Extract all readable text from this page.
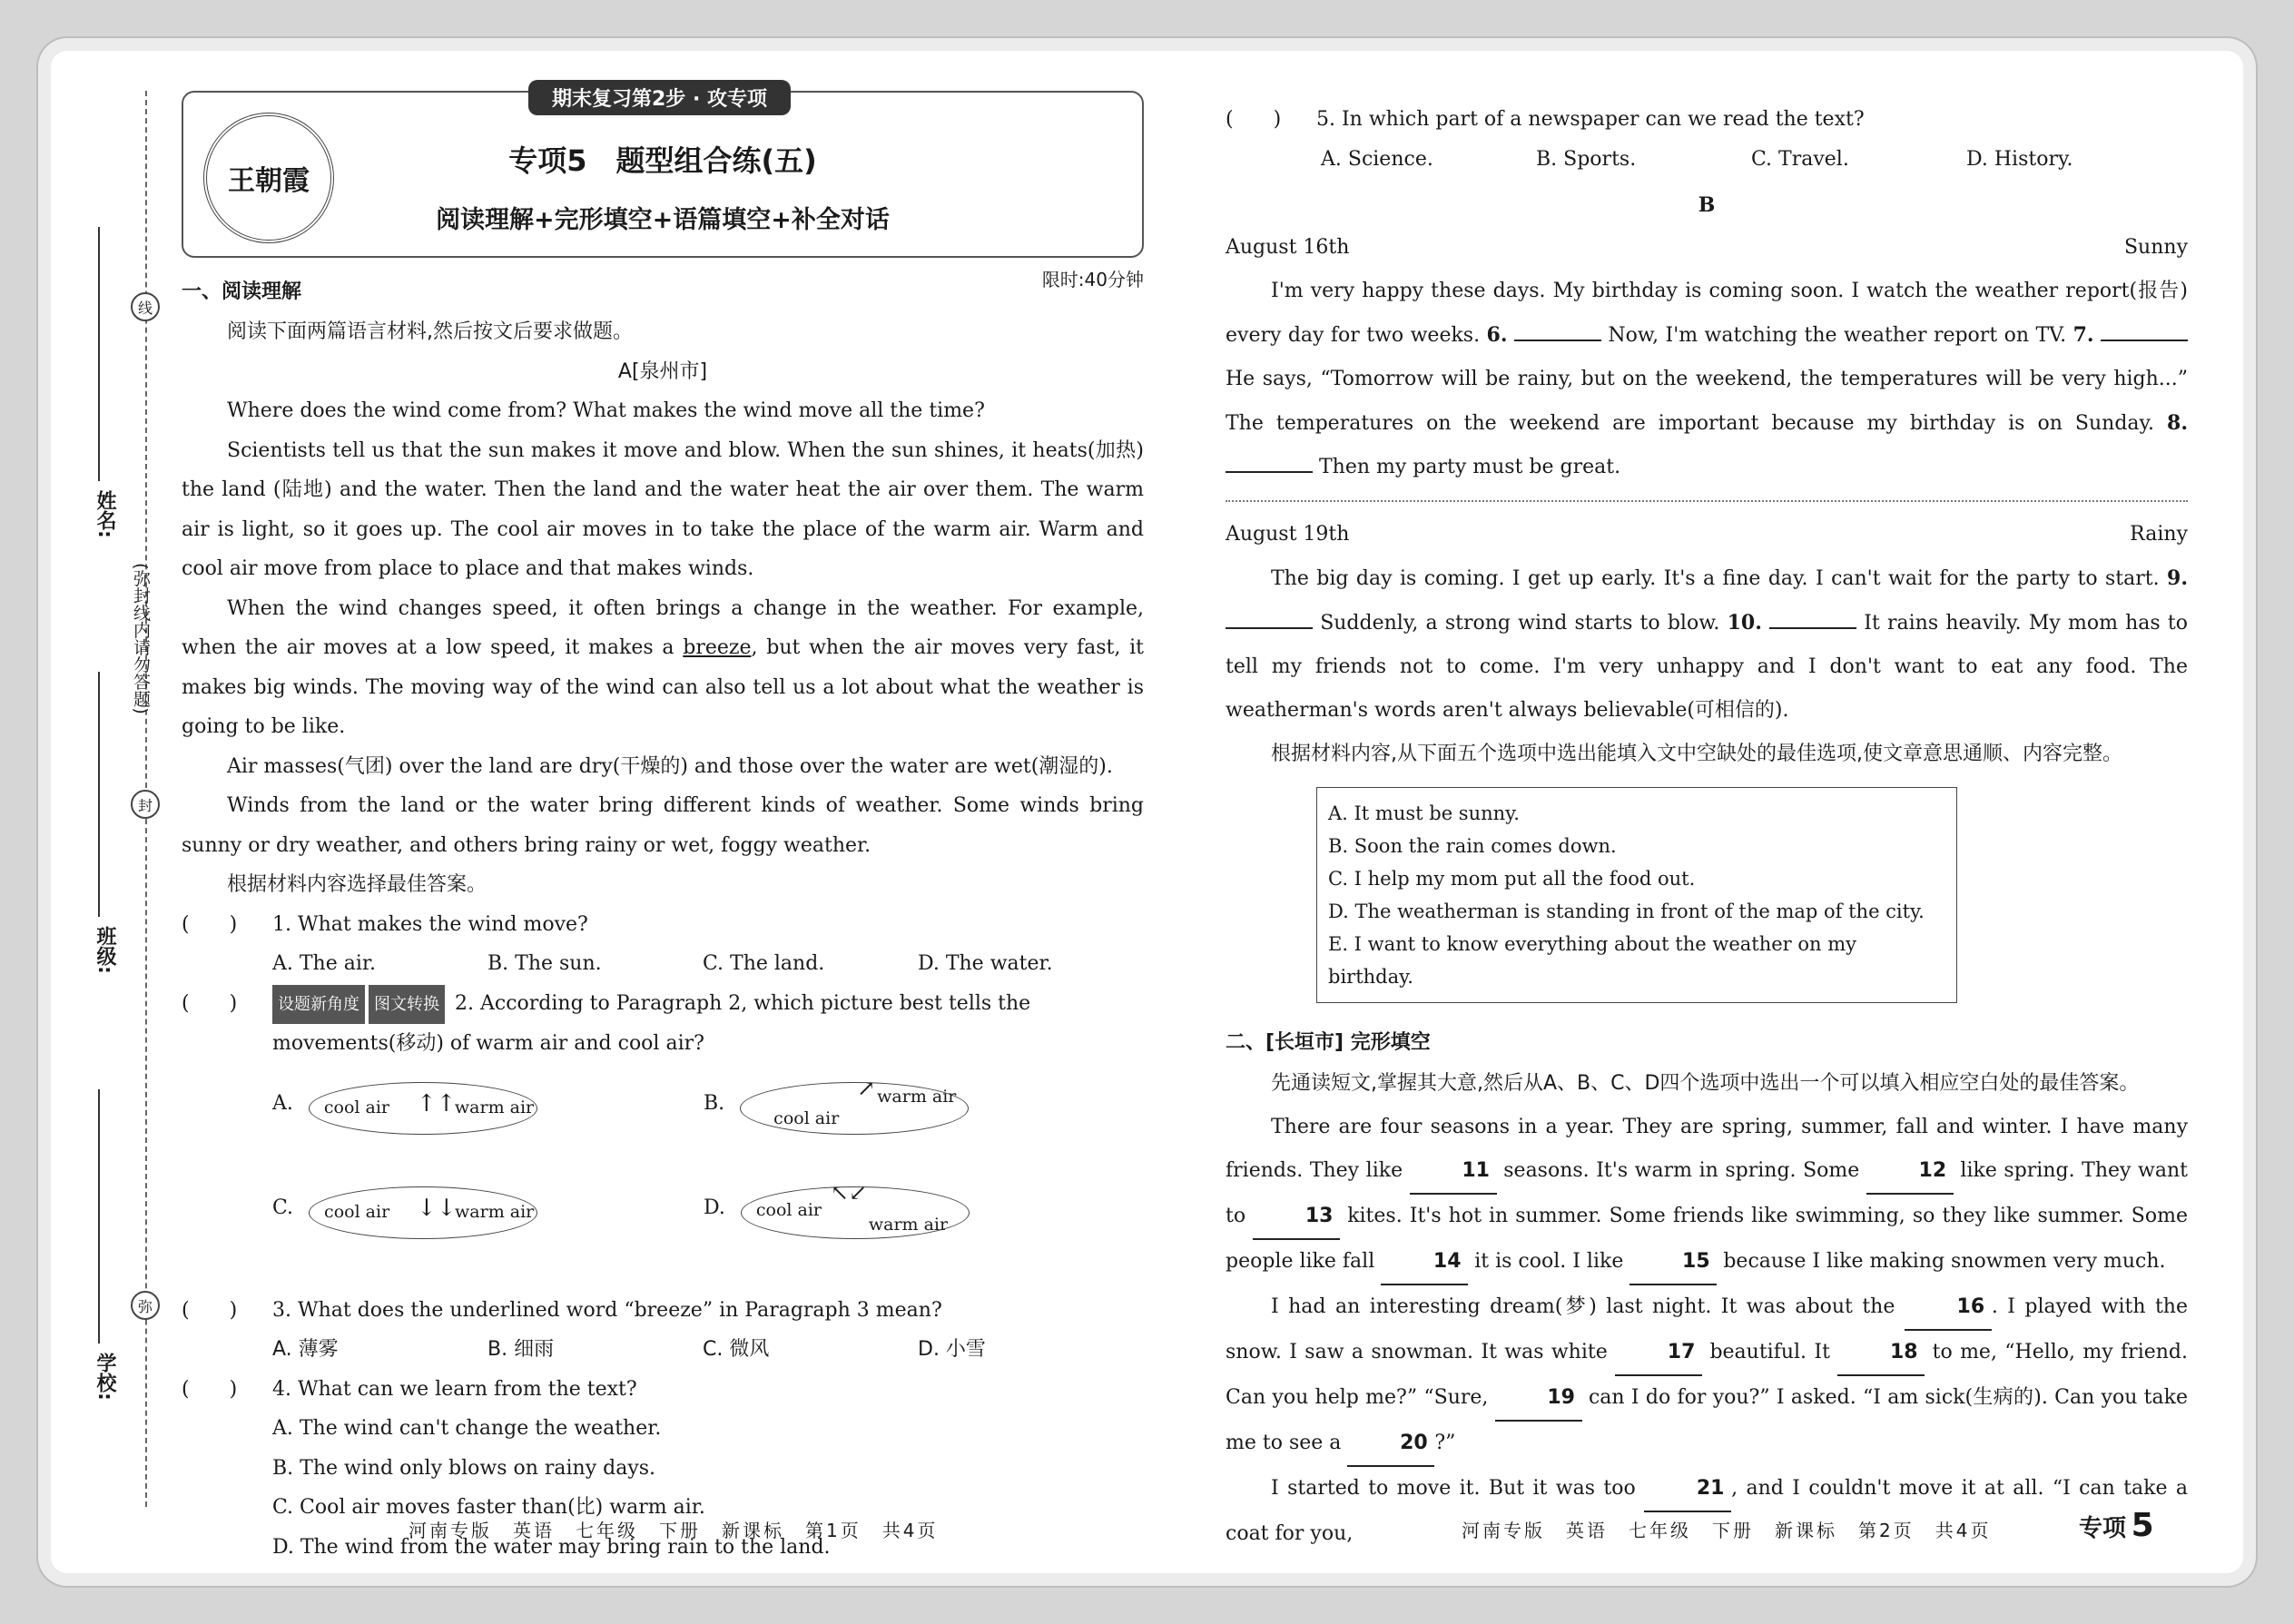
线
封
弥
(弥封线内请勿答题)
姓名:
班级:
学校:
期末复习第2步 · 攻专项
王朝霞
专项5　题型组合练(五)
阅读理解+完形填空+语篇填空+补全对话
一、阅读理解
限时:40分钟

阅读下面两篇语言材料,然后按文后要求做题。

A[泉州市]

Where does the wind come from? What makes the wind move all the time?

Scientists tell us that the sun makes it move and blow. When the sun shines, it heats(加热) the land (陆地) and the water. Then the land and the water heat the air over them. The warm air is light, so it goes up. The cool air moves in to take the place of the warm air. Warm and cool air move from place to place and that makes winds.

When the wind changes speed, it often brings a change in the weather. For example, when the air moves at a low speed, it makes a breeze, but when the air moves very fast, it makes big winds. The moving way of the wind can also tell us a lot about what the weather is going to be like.

Air masses(气团) over the land are dry(干燥的) and those over the water are wet(潮湿的).

Winds from the land or the water bring different kinds of weather. Some winds bring sunny or dry weather, and others bring rainy or wet, foggy weather.

根据材料内容选择最佳答案。

(　　) 1. What makes the wind move?
A. The air.	B. The sun.	C. The land.	D. The water.
(　　) 设题新角度 图文转换 2. According to Paragraph 2, which picture best tells the movements(移动) of warm air and cool air?
A. cool air ↑↑
warm air	B.
cool air
↗ warm air
C. cool air ↓↓
warm air	D. cool air
↖↙
warm air
(　　) 3. What does the underlined word “breeze” in Paragraph 3 mean?
A. 薄雾	B. 细雨	C. 微风	D. 小雪
(　　) 4. What can we learn from the text?
A. The wind can't change the weather.
B. The wind only blows on rainy days.
C. Cool air moves faster than(比) warm air.
D. The wind from the water may bring rain to the land.
河南专版　英语　七年级　下册　新课标　第1页　共4页
(　　) 5. In which part of a newspaper can we read the text?
A. Science.	B. Sports.	C. Travel.	D. History.

B

August 16th	Sunny

I'm very happy these days. My birthday is coming soon. I watch the weather report(报告) every day for two weeks. 6.	Now, I'm watching the weather report on TV. 7.  He says, “Tomorrow will be rainy, but on the weekend, the temperatures will be very high...” The temperatures on the weekend are important because my birthday is on Sunday. 8.  Then my party must be great.

August 19th	Rainy

The big day is coming. I get up early. It's a fine day. I can't wait for the party to start. 9.  Suddenly, a strong wind starts to blow. 10.	It rains heavily. My mom has to tell my friends not to come. I'm very unhappy and I don't want to eat any food. The weatherman's words aren't always believable(可相信的).

根据材料内容,从下面五个选项中选出能填入文中空缺处的最佳选项,使文章意思通顺、内容完整。

A. It must be sunny.
B. Soon the rain comes down.
C. I help my mom put all the food out.
D. The weatherman is standing in front of the map of the city.
E. I want to know everything about the weather on my birthday.

二、[长垣市] 完形填空

先通读短文,掌握其大意,然后从A、B、C、D四个选项中选出一个可以填入相应空白处的最佳答案。

There are four seasons in a year. They are spring, summer, fall and winter. I have many friends. They like	11 seasons. It's warm in spring. Some	12 like spring. They want to	13 kites. It's hot in summer. Some friends like swimming, so they like summer. Some people like fall	14 it is cool. I like	15 because I like making snowmen very much.

I had an interesting dream(梦) last night. It was about the	16 . I played with the snow. I saw a snowman. It was white	17 beautiful. It	18 to me, “Hello, my friend. Can you help me?” “Sure,	19 can I do for you?” I asked. “I am sick(生病的). Can you take me to see a	20 ?”

I started to move it. But it was too	21 , and I couldn't move it at all. “I can take a coat for you,	河南专版　英语　七年级　下册　新课标　第2页　共4页	专项 5
